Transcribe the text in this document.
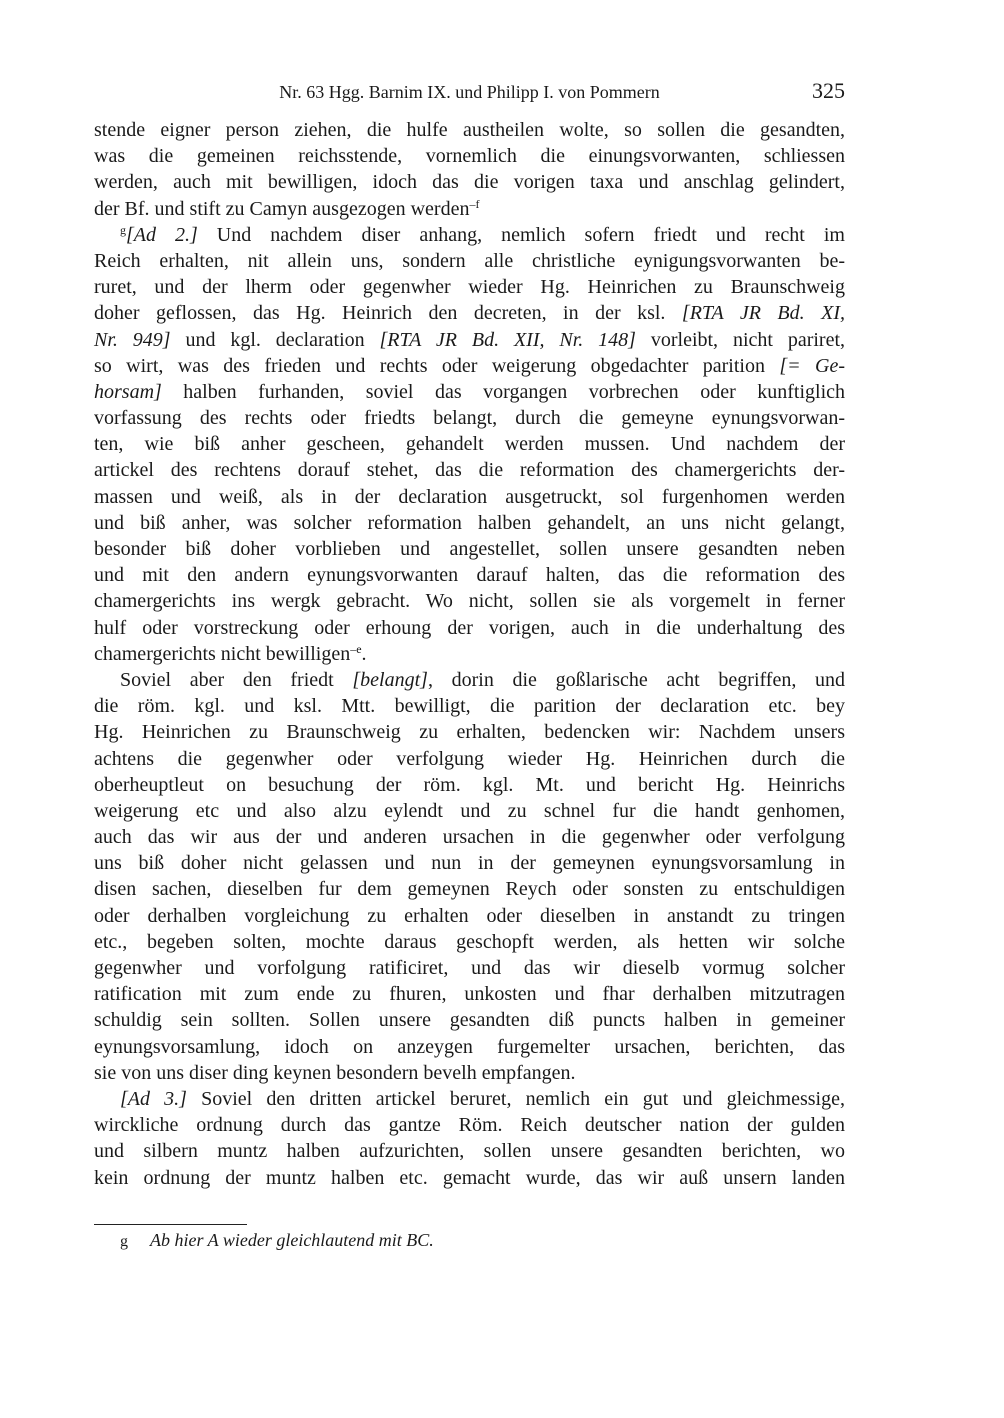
Nr. 63 Hgg. Barnim IX. und Philipp I. von Pommern	325
stende eigner person ziehen, die hulfe austheilen wolte, so sollen die gesandten,
was die gemeinen reichsstende, vornemlich die einungsvorwanten, schliessen
werden, auch mit bewilligen, idoch das die vorigen taxa und anschlag gelindert,
der Bf. und stift zu Camyn ausgezogen werden$^{-f}$
$^g$[Ad 2.] Und nachdem diser anhang, nemlich sofern friedt und recht im
Reich erhalten, nit allein uns, sondern alle christliche eynigungsvorwanten be-
ruret, und der lherm oder gegenwher wieder Hg. Heinrichen zu Braunschweig
doher geflossen, das Hg. Heinrich den decreten, in der ksl. [RTA JR Bd. XI,
Nr. 949] und kgl. declaration [RTA JR Bd. XII, Nr. 148] vorleibt, nicht pariret,
so wirt, was des frieden und rechts oder weigerung obgedachter parition [= Ge-
horsam] halben furhanden, soviel das vorgangen vorbrechen oder kunftiglich
vorfassung des rechts oder friedts belangt, durch die gemeyne eynungsvorwan-
ten, wie biß anher gescheen, gehandelt werden mussen. Und nachdem der
artickel des rechtens dorauf stehet, das die reformation des chamergerichts der-
massen und weiß, als in der declaration ausgetruckt, sol furgenhomen werden
und biß anher, was solcher reformation halben gehandelt, an uns nicht gelangt,
besonder biß doher vorblieben und angestellet, sollen unsere gesandten neben
und mit den andern eynungsvorwanten darauf halten, das die reformation des
chamergerichts ins wergk gebracht. Wo nicht, sollen sie als vorgemelt in ferner
hulf oder vorstreckung oder erhoung der vorigen, auch in die underhaltung des
chamergerichts nicht bewilligen$^{-e}$.
Soviel aber den friedt [belangt], dorin die goßlarische acht begriffen, und
die röm. kgl. und ksl. Mtt. bewilligt, die parition der declaration etc. bey
Hg. Heinrichen zu Braunschweig zu erhalten, bedencken wir: Nachdem unsers
achtens die gegenwher oder verfolgung wieder Hg. Heinrichen durch die
oberheuptleut on besuchung der röm. kgl. Mt. und bericht Hg. Heinrichs
weigerung etc und also alzu eylendt und zu schnel fur die handt genhomen,
auch das wir aus der und anderen ursachen in die gegenwher oder verfolgung
uns biß doher nicht gelassen und nun in der gemeynen eynungsvorsamlung in
disen sachen, dieselben fur dem gemeynen Reych oder sonsten zu entschuldigen
oder derhalben vorgleichung zu erhalten oder dieselben in anstandt zu tringen
etc., begeben solten, mochte daraus geschopft werden, als hetten wir solche
gegenwher und vorfolgung ratificiret, und das wir dieselb vormug solcher
ratification mit zum ende zu fhuren, unkosten und fhar derhalben mitzutragen
schuldig sein sollten. Sollen unsere gesandten diß puncts halben in gemeiner
eynungsvorsamlung, idoch on anzeygen furgemelter ursachen, berichten, das
sie von uns diser ding keynen besondern bevelh empfangen.
[Ad 3.] Soviel den dritten artickel beruret, nemlich ein gut und gleichmessige,
wirckliche ordnung durch das gantze Röm. Reich deutscher nation der gulden
und silbern muntz halben aufzurichten, sollen unsere gesandten berichten, wo
kein ordnung der muntz halben etc. gemacht wurde, das wir auß unsern landen
g Ab hier A wieder gleichlautend mit BC.
